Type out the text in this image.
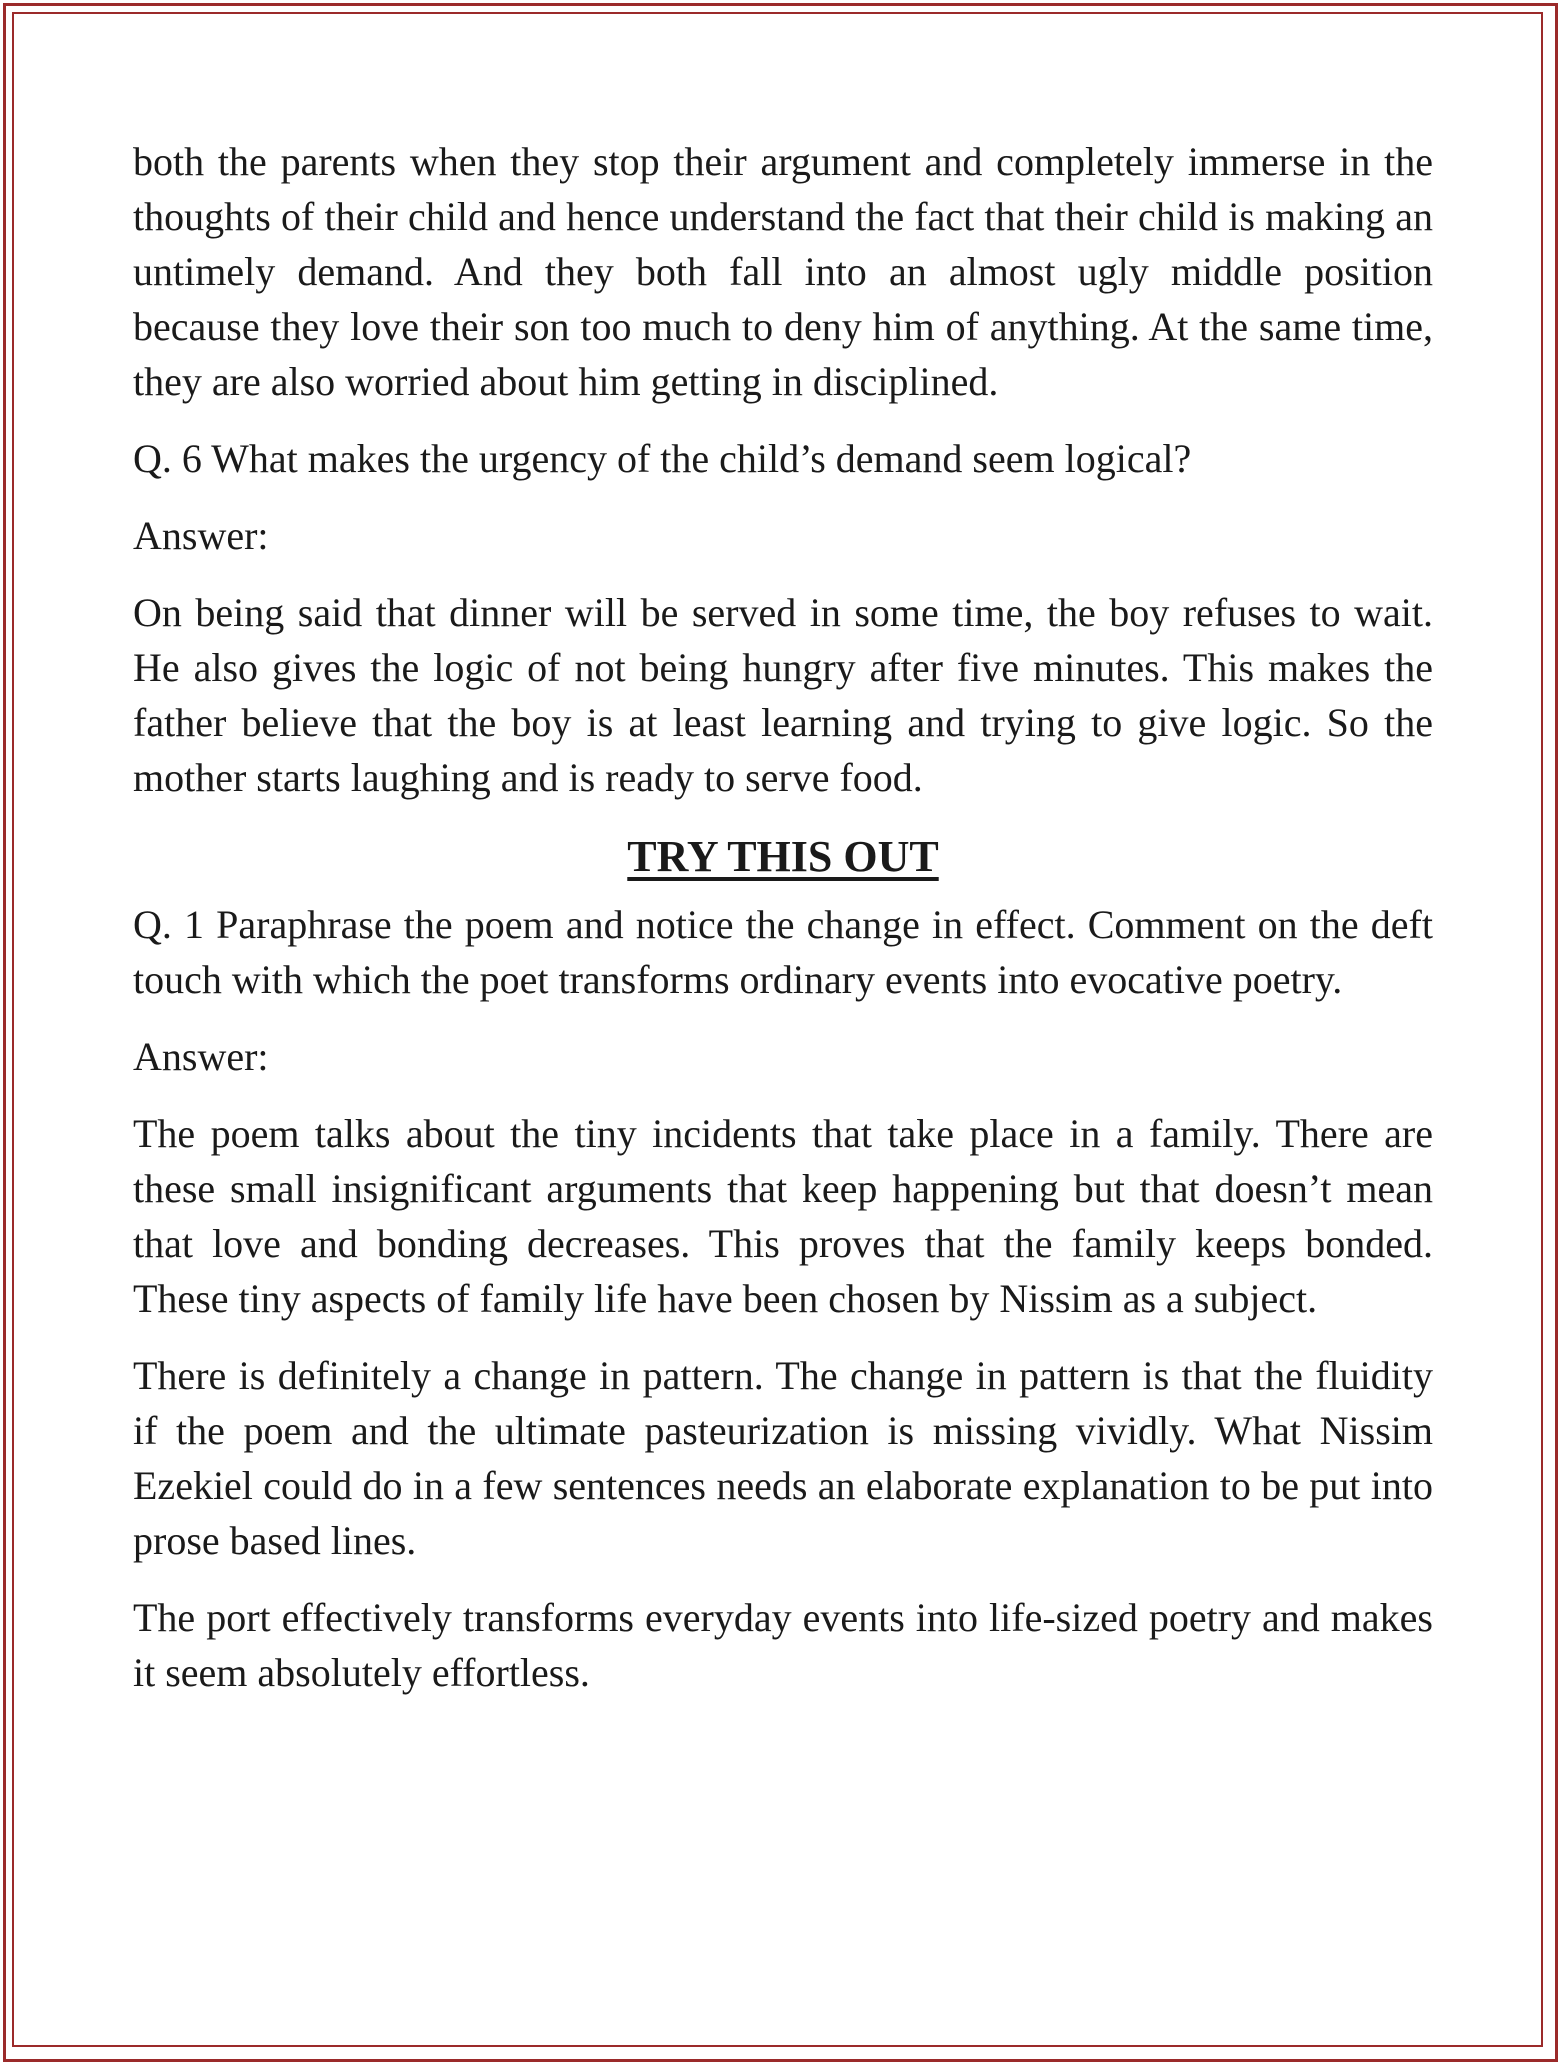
both the parents when they stop their argument and completely immerse in the thoughts of their child and hence understand the fact that their child is making an untimely demand. And they both fall into an almost ugly middle position because they love their son too much to deny him of anything. At the same time, they are also worried about him getting in disciplined.

Q. 6 What makes the urgency of the child’s demand seem logical?

Answer:

On being said that dinner will be served in some time, the boy refuses to wait. He also gives the logic of not being hungry after five minutes. This makes the father believe that the boy is at least learning and trying to give logic. So the mother starts laughing and is ready to serve food.

TRY THIS OUT

Q. 1 Paraphrase the poem and notice the change in effect. Comment on the deft touch with which the poet transforms ordinary events into evocative poetry.

Answer:

The poem talks about the tiny incidents that take place in a family. There are these small insignificant arguments that keep happening but that doesn’t mean that love and bonding decreases. This proves that the family keeps bonded. These tiny aspects of family life have been chosen by Nissim as a subject.

There is definitely a change in pattern. The change in pattern is that the fluidity if the poem and the ultimate pasteurization is missing vividly. What Nissim Ezekiel could do in a few sentences needs an elaborate explanation to be put into prose based lines.

The port effectively transforms everyday events into life-sized poetry and makes it seem absolutely effortless.
